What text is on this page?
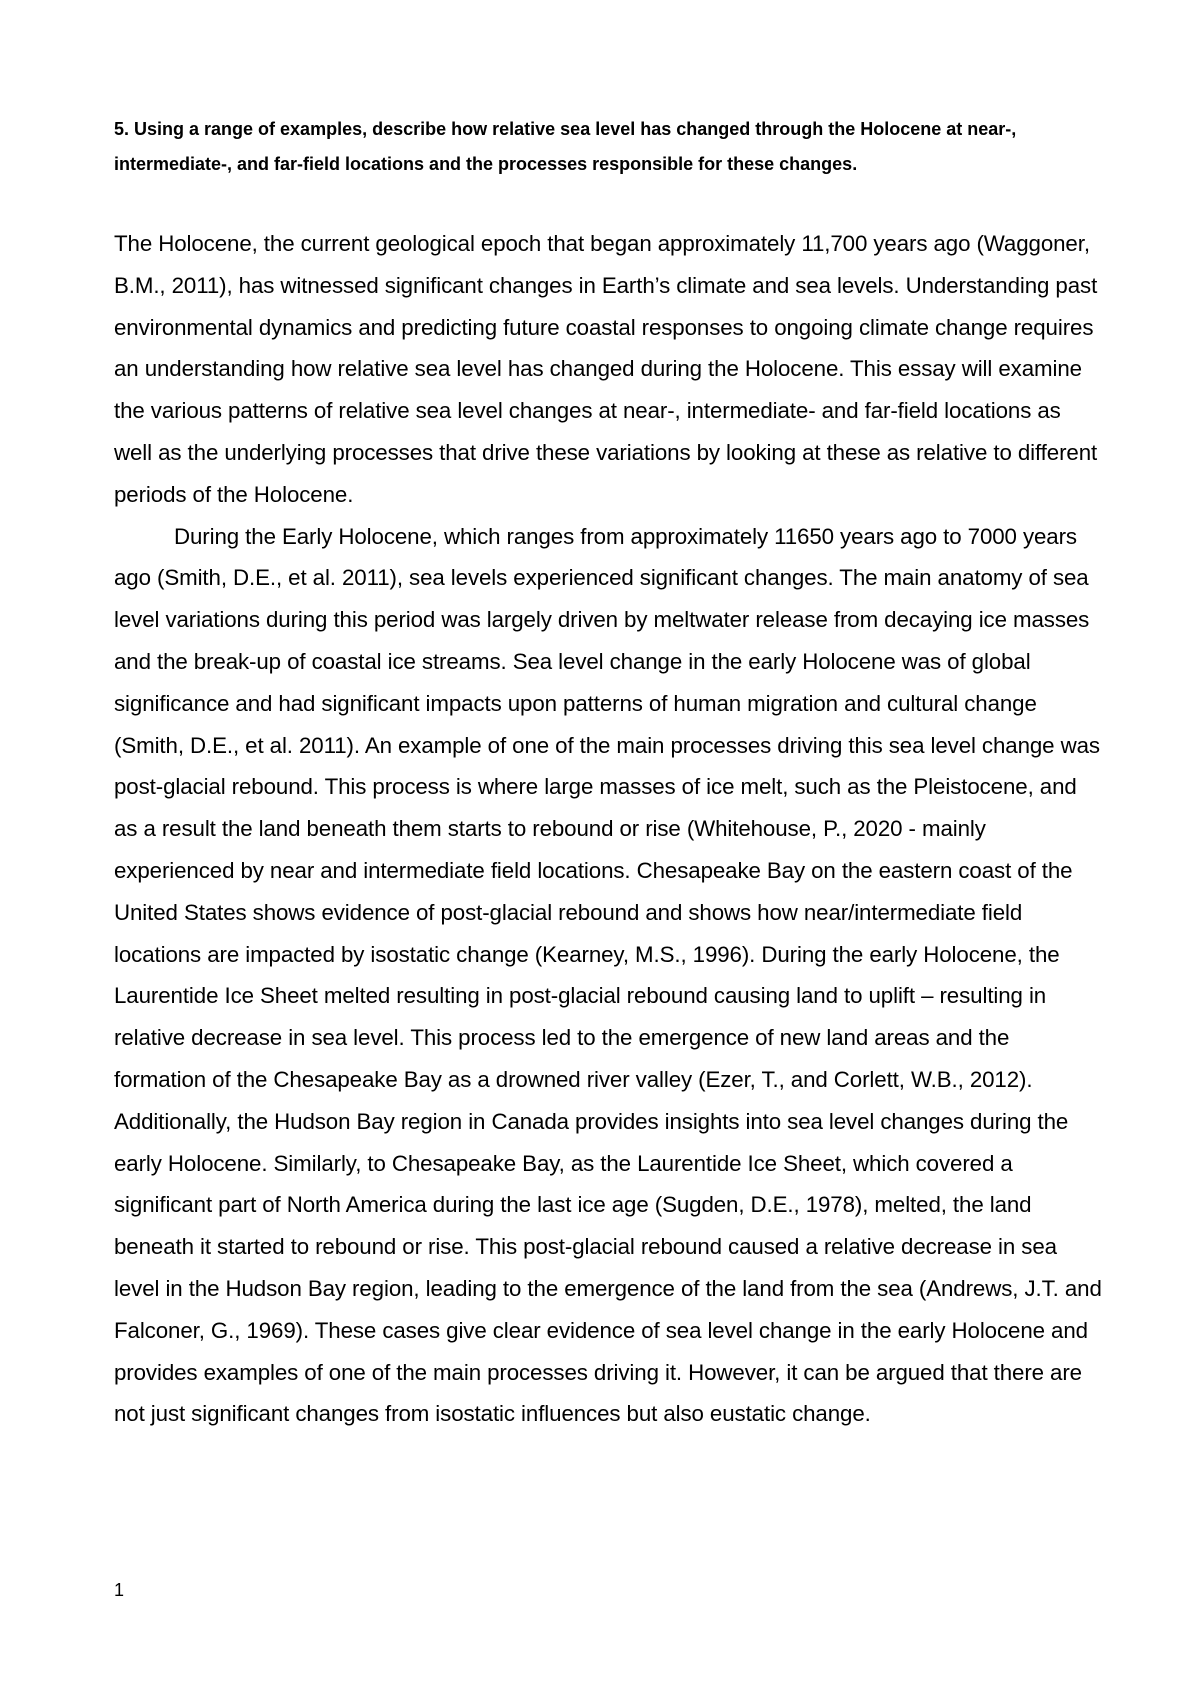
5. Using a range of examples, describe how relative sea level has changed through the Holocene at near-, intermediate-, and far-field locations and the processes responsible for these changes.

The Holocene, the current geological epoch that began approximately 11,700 years ago (Waggoner, B.M., 2011), has witnessed significant changes in Earth’s climate and sea levels. Understanding past environmental dynamics and predicting future coastal responses to ongoing climate change requires an understanding how relative sea level has changed during the Holocene. This essay will examine the various patterns of relative sea level changes at near-, intermediate- and far-field locations as well as the underlying processes that drive these variations by looking at these as relative to different periods of the Holocene.

During the Early Holocene, which ranges from approximately 11650 years ago to 7000 years ago (Smith, D.E., et al. 2011), sea levels experienced significant changes. The main anatomy of sea level variations during this period was largely driven by meltwater release from decaying ice masses and the break-up of coastal ice streams. Sea level change in the early Holocene was of global significance and had significant impacts upon patterns of human migration and cultural change (Smith, D.E., et al. 2011). An example of one of the main processes driving this sea level change was post-glacial rebound. This process is where large masses of ice melt, such as the Pleistocene, and as a result the land beneath them starts to rebound or rise (Whitehouse, P., 2020 - mainly experienced by near and intermediate field locations. Chesapeake Bay on the eastern coast of the United States shows evidence of post-glacial rebound and shows how near/intermediate field locations are impacted by isostatic change (Kearney, M.S., 1996). During the early Holocene, the Laurentide Ice Sheet melted resulting in post-glacial rebound causing land to uplift – resulting in relative decrease in sea level. This process led to the emergence of new land areas and the formation of the Chesapeake Bay as a drowned river valley (Ezer, T., and Corlett, W.B., 2012). Additionally, the Hudson Bay region in Canada provides insights into sea level changes during the early Holocene. Similarly, to Chesapeake Bay, as the Laurentide Ice Sheet, which covered a significant part of North America during the last ice age (Sugden, D.E., 1978), melted, the land beneath it started to rebound or rise. This post-glacial rebound caused a relative decrease in sea level in the Hudson Bay region, leading to the emergence of the land from the sea (Andrews, J.T. and Falconer, G., 1969). These cases give clear evidence of sea level change in the early Holocene and provides examples of one of the main processes driving it. However, it can be argued that there are not just significant changes from isostatic influences but also eustatic change.

1
